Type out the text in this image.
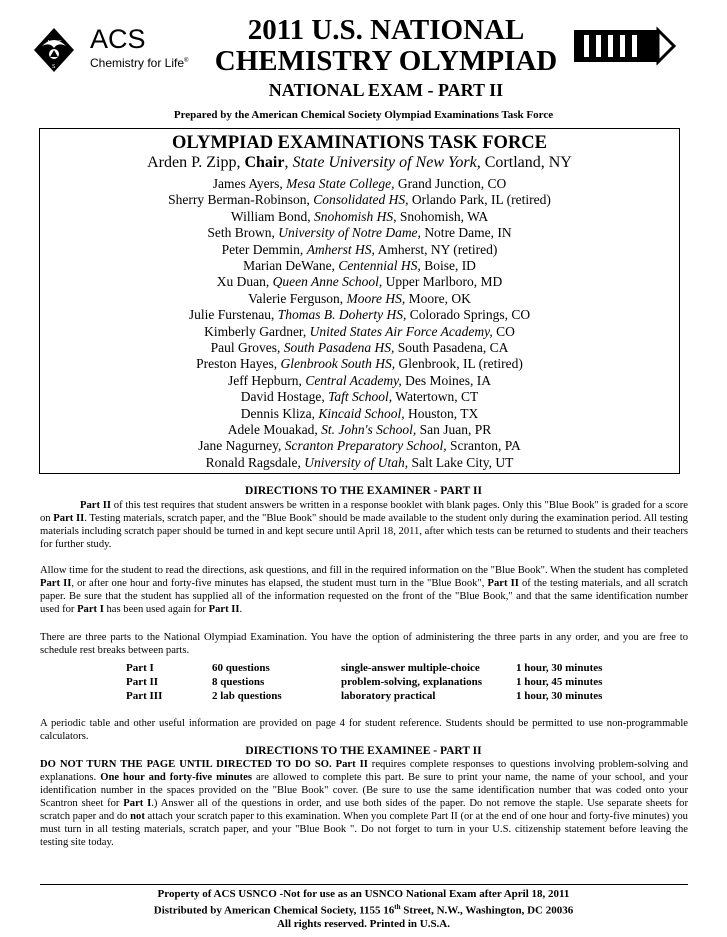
A C
S
ACS
Chemistry for Life®
2011 U.S. NATIONAL
CHEMISTRY OLYMPIAD
NATIONAL EXAM - PART II
Prepared by the American Chemical Society Olympiad Examinations Task Force
OLYMPIAD EXAMINATIONS TASK FORCE
Arden P. Zipp, Chair, State University of New York, Cortland, NY
James Ayers, Mesa State College, Grand Junction, CO
Sherry Berman-Robinson, Consolidated HS, Orlando Park, IL (retired)
William Bond, Snohomish HS, Snohomish, WA
Seth Brown, University of Notre Dame, Notre Dame, IN
Peter Demmin, Amherst HS, Amherst, NY (retired)
Marian DeWane, Centennial HS, Boise, ID
Xu Duan, Queen Anne School, Upper Marlboro, MD
Valerie Ferguson, Moore HS, Moore, OK
Julie Furstenau, Thomas B. Doherty HS, Colorado Springs, CO
Kimberly Gardner, United States Air Force Academy, CO
Paul Groves, South Pasadena HS, South Pasadena, CA
Preston Hayes, Glenbrook South HS, Glenbrook, IL (retired)
Jeff Hepburn, Central Academy, Des Moines, IA
David Hostage, Taft School, Watertown, CT
Dennis Kliza, Kincaid School, Houston, TX
Adele Mouakad, St. John's School, San Juan, PR
Jane Nagurney, Scranton Preparatory School, Scranton, PA
Ronald Ragsdale, University of Utah, Salt Lake City, UT
DIRECTIONS TO THE EXAMINER - PART II
Part II of this test requires that student answers be written in a response booklet with blank pages. Only this "Blue Book" is graded for a score on Part II. Testing materials, scratch paper, and the "Blue Book" should be made available to the student only during the examination period. All testing materials including scratch paper should be turned in and kept secure until April 18, 2011, after which tests can be returned to students and their teachers for further study.
Allow time for the student to read the directions, ask questions, and fill in the required information on the "Blue Book". When the student has completed Part II, or after one hour and forty-five minutes has elapsed, the student must turn in the "Blue Book", Part II of the testing materials, and all scratch paper. Be sure that the student has supplied all of the information requested on the front of the "Blue Book," and that the same identification number used for Part I has been used again for Part II.
There are three parts to the National Olympiad Examination. You have the option of administering the three parts in any order, and you are free to schedule rest breaks between parts.
Part I	60 questions	single-answer multiple-choice	1 hour, 30 minutes
Part II	8 questions	problem-solving, explanations	1 hour, 45 minutes
Part III	2 lab questions	laboratory practical	1 hour, 30 minutes
A periodic table and other useful information are provided on page 4 for student reference. Students should be permitted to use non-programmable calculators.
DIRECTIONS TO THE EXAMINEE - PART II
DO NOT TURN THE PAGE UNTIL DIRECTED TO DO SO. Part II requires complete responses to questions involving problem-solving and explanations. One hour and forty-five minutes are allowed to complete this part. Be sure to print your name, the name of your school, and your identification number in the spaces provided on the "Blue Book" cover. (Be sure to use the same identification number that was coded onto your Scantron sheet for Part I.) Answer all of the questions in order, and use both sides of the paper. Do not remove the staple. Use separate sheets for scratch paper and do not attach your scratch paper to this examination. When you complete Part II (or at the end of one hour and forty-five minutes) you must turn in all testing materials, scratch paper, and your "Blue Book ". Do not forget to turn in your U.S. citizenship statement before leaving the testing site today.
Property of ACS USNCO -Not for use as an USNCO National Exam after April 18, 2011
Distributed by American Chemical Society, 1155 16th Street, N.W., Washington, DC 20036
All rights reserved. Printed in U.S.A.
